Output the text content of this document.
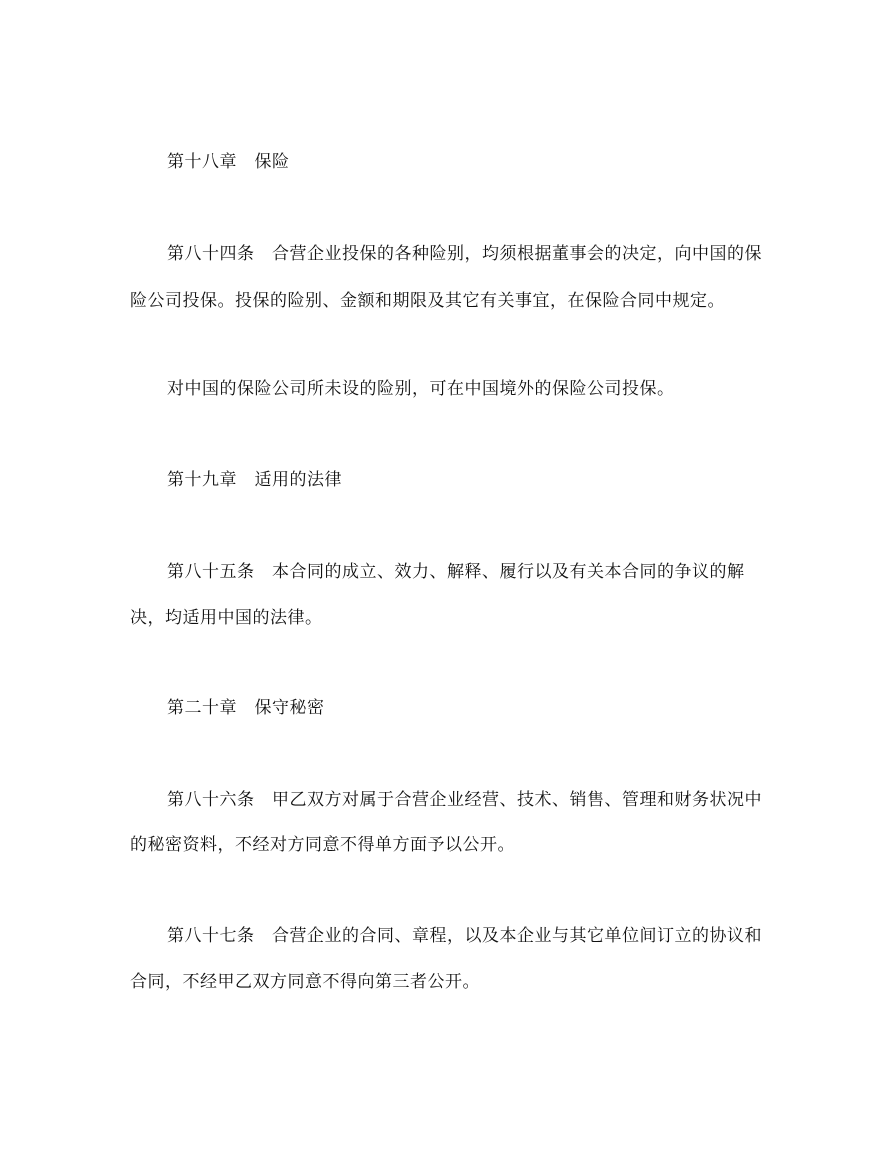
第十八章　保险
第八十四条　合营企业投保的各种险别，均须根据董事会的决定，向中国的保
险公司投保。投保的险别、金额和期限及其它有关事宜，在保险合同中规定。
对中国的保险公司所未设的险别，可在中国境外的保险公司投保。
第十九章　适用的法律
第八十五条　本合同的成立、效力、解释、履行以及有关本合同的争议的解
决，均适用中国的法律。
第二十章　保守秘密
第八十六条　甲乙双方对属于合营企业经营、技术、销售、管理和财务状况中
的秘密资料，不经对方同意不得单方面予以公开。
第八十七条　合营企业的合同、章程，以及本企业与其它单位间订立的协议和
合同，不经甲乙双方同意不得向第三者公开。
